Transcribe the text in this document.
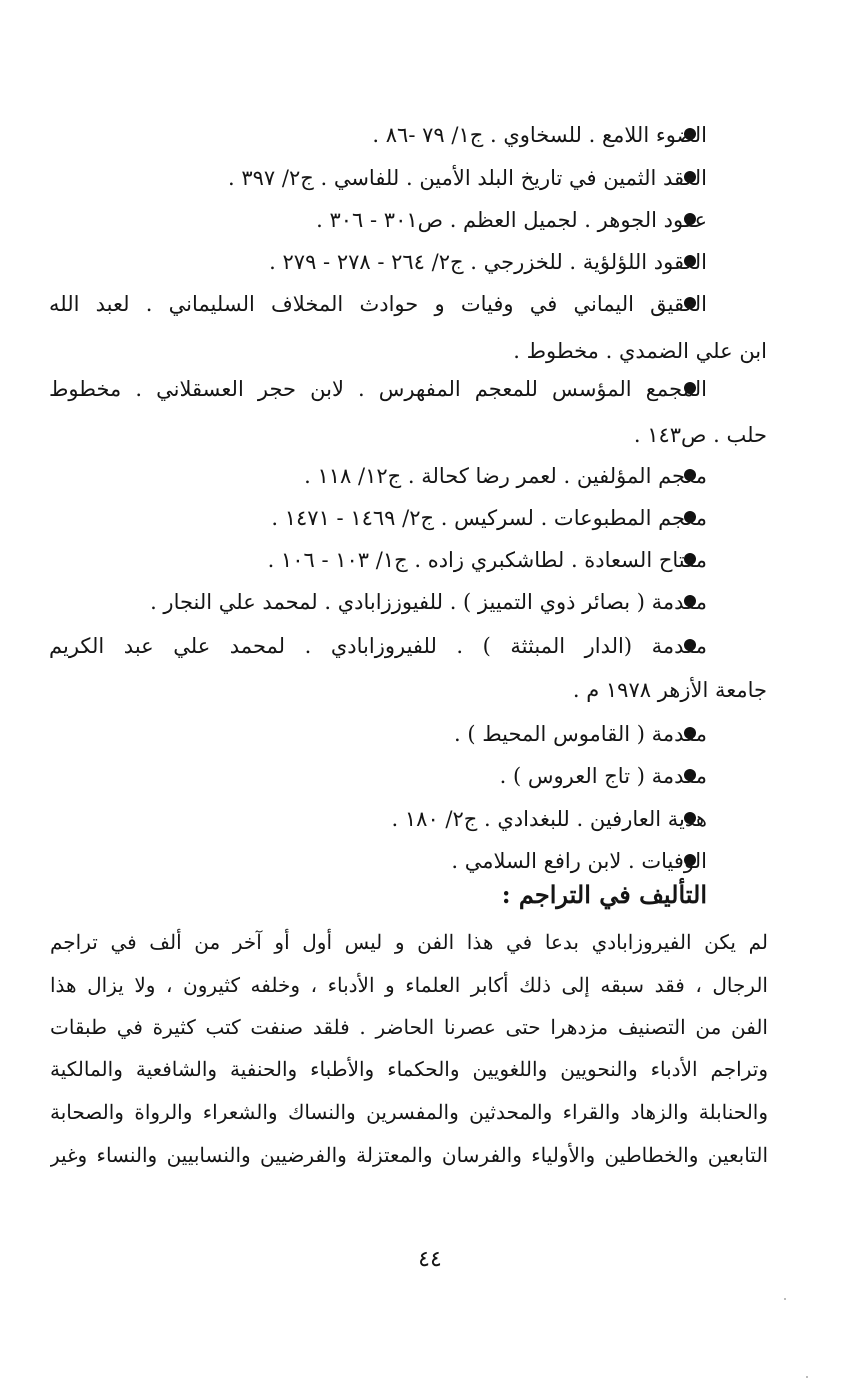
الضوء اللامع . للسخاوي . ج١/ ٧٩ -٨٦ .
العقد الثمين في تاريخ البلد الأمين . للفاسي . ج٢/ ٣٩٧ .
عقود الجوهر . لجميل العظم . ص٣٠١ - ٣٠٦ .
العقود اللؤلؤية . للخزرجي . ج٢/ ٢٦٤ - ٢٧٨ - ٢٧٩ .
العقيق اليماني في وفيات و حوادث المخلاف السليماني . لعبد الله
ابن علي الضمدي . مخطوط .
المجمع المؤسس للمعجم المفهرس . لابن حجر العسقلاني . مخطوط
حلب . ص١٤٣ .
معجم المؤلفين . لعمر رضا كحالة . ج١٢/ ١١٨ .
معجم المطبوعات . لسركيس . ج٢/ ١٤٦٩ - ١٤٧١ .
مفتاح السعادة . لطاشكبري زاده . ج١/ ١٠٣ - ١٠٦ .
مقدمة ( بصائر ذوي التمييز ) . للفيوززابادي . لمحمد علي النجار .
مقدمة (الدار المبثثة ) . للفيروزابادي . لمحمد علي عبد الكريم
جامعة الأزهر ١٩٧٨ م .
مقدمة ( القاموس المحيط ) .
مقدمة ( تاج العروس ) .
هدية العارفين . للبغدادي . ج٢/ ١٨٠ .
الوفيات . لابن رافع السلامي .
التأليف في التراجم :
لم يكن الفيروزابادي بدعا في هذا الفن و ليس أول أو آخر من ألف في تراجم
الرجال ، فقد سبقه إلى ذلك أكابر العلماء و الأدباء ، وخلفه كثيرون ، ولا يزال هذا
الفن من التصنيف مزدهرا حتى عصرنا الحاضر . فلقد صنفت كتب كثيرة في طبقات
وتراجم الأدباء والنحويين واللغويين والحكماء والأطباء والحنفية والشافعية والمالكية
والحنابلة والزهاد والقراء والمحدثين والمفسرين والنساك والشعراء والرواة والصحابة
التابعين والخطاطين والأولياء والفرسان والمعتزلة والفرضيين والنسابيين والنساء وغير
٤٤
